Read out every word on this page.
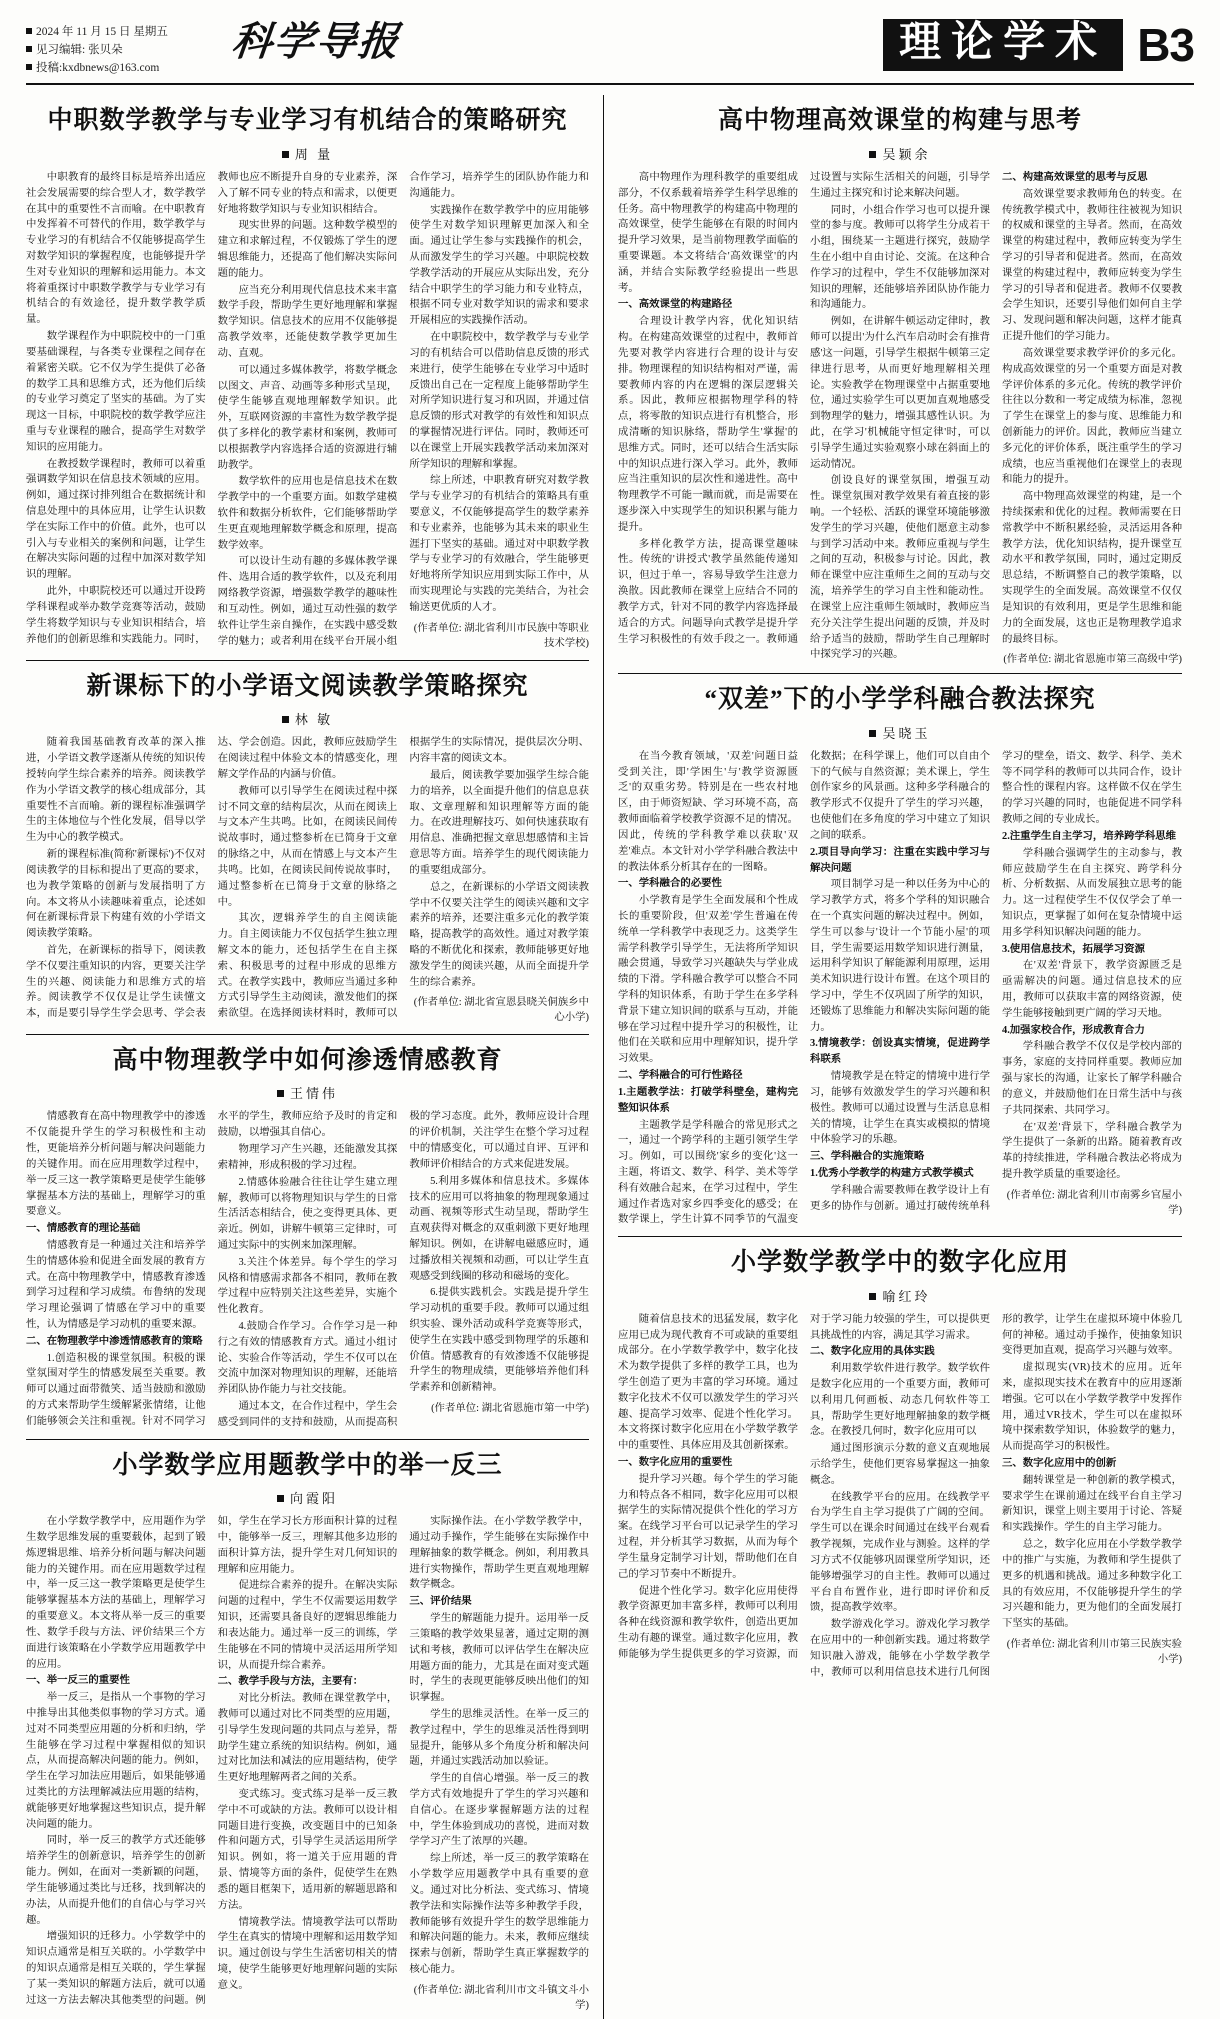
2024 年 11 月 15 日 星期五
见习编辑: 张贝朵
投稿:kxdbnews@163.com
科学导报	理论学术 B3
中职数学教学与专业学习有机结合的策略研究
周 量

中职教育的最终目标是培养出适应社会发展需要的综合型人才，数学教学在其中的重要性不言而喻。在中职教育中发挥着不可替代的作用，数学教学与专业学习的有机结合不仅能够提高学生对数学知识的掌握程度，也能够提升学生对专业知识的理解和运用能力。本文将着重探讨中职数学教学与专业学习有机结合的有效途径，提升数学教学质量。

数学课程作为中职院校中的一门重要基础课程，与各类专业课程之间存在着紧密关联。它不仅为学生提供了必备的数学工具和思维方式，还为他们后续的专业学习奠定了坚实的基础。为了实现这一目标，中职院校的数学教学应注重与专业课程的融合，提高学生对数学知识的应用能力。

在教授数学课程时，教师可以着重强调数学知识在信息技术领域的应用。例如，通过探讨排列组合在数据统计和信息处理中的具体应用，让学生认识数学在实际工作中的价值。此外，也可以引入与专业相关的案例和问题，让学生在解决实际问题的过程中加深对数学知识的理解。

此外，中职院校还可以通过开设跨学科课程或举办数学竞赛等活动，鼓励学生将数学知识与专业知识相结合，培养他们的创新思维和实践能力。同时，教师也应不断提升自身的专业素养，深入了解不同专业的特点和需求，以便更好地将数学知识与专业知识相结合。

现实世界的问题。这种数学模型的建立和求解过程，不仅锻炼了学生的逻辑思维能力，还提高了他们解决实际问题的能力。

应当充分利用现代信息技术来丰富数学手段，帮助学生更好地理解和掌握数学知识。信息技术的应用不仅能够提高教学效率，还能使数学教学更加生动、直观。

可以通过多媒体教学，将数学概念以图文、声音、动画等多种形式呈现，使学生能够直观地理解数学知识。此外，互联网资源的丰富性为数学教学提供了多样化的教学素材和案例，教师可以根据教学内容选择合适的资源进行辅助教学。

数学软件的应用也是信息技术在数学教学中的一个重要方面。如数学建模软件和数据分析软件，它们能够帮助学生更直观地理解数学概念和原理，提高数学效率。

可以设计生动有趣的多媒体教学课件、选用合适的教学软件，以及充利用网络教学资源，增强数学教学的趣味性和互动性。例如，通过互动性强的数学软件让学生亲自操作，在实践中感受数学的魅力；或者利用在线平台开展小组合作学习，培养学生的团队协作能力和沟通能力。

实践操作在数学教学中的应用能够使学生对数学知识理解更加深入和全面。通过让学生参与实践操作的机会，从而激发学生的学习兴趣。中职院校数学教学活动的开展应从实际出发，充分结合中职学生的学习能力和专业特点，根据不同专业对数学知识的需求和要求开展相应的实践操作活动。

在中职院校中，数学教学与专业学习的有机结合可以借助信息反馈的形式来进行，使学生能够在专业学习中适时反馈出自己在一定程度上能够帮助学生对所学知识进行复习和巩固，并通过信息反馈的形式对教学的有效性和知识点的掌握情况进行评估。同时，教师还可以在课堂上开展实践教学活动来加深对所学知识的理解和掌握。

综上所述，中职教育研究对数学教学与专业学习的有机结合的策略具有重要意义，不仅能够提高学生的数学素养和专业素养，也能够为其未来的职业生涯打下坚实的基础。通过对中职数学教学与专业学习的有效融合，学生能够更好地将所学知识应用到实际工作中，从而实现理论与实践的完美结合，为社会输送更优质的人才。

(作者单位: 湖北省利川市民族中等职业技术学校)

新课标下的小学语文阅读教学策略探究
林 敏

随着我国基础教育改革的深入推进，小学语文教学逐渐从传统的知识传授转向学生综合素养的培养。阅读教学作为小学语文教学的核心组成部分，其重要性不言而喻。新的课程标准强调学生的主体地位与个性化发展，倡导以学生为中心的教学模式。

新的课程标准(简称'新课标')不仅对阅读教学的目标和提出了更高的要求，也为教学策略的创新与发展指明了方向。本文将从小读趣味着重点，论述如何在新课标背景下构建有效的小学语文阅读教学策略。

首先，在新课标的指导下，阅读教学不仅要注重知识的内容，更要关注学生的兴趣、阅读能力和思维方式的培养。阅读教学不仅仅是让学生读懂文本，而是要引导学生学会思考、学会表达、学会创造。因此，教师应鼓励学生在阅读过程中体验文本的情感变化，理解文学作品的内涵与价值。

教师可以引导学生在阅读过程中探讨不同文章的结构层次，从而在阅读上与文本产生共鸣。比如，在阅读民间传说故事时，通过整参析在已简身于文章的脉络之中，从而在情感上与文本产生共鸣。比如，在阅读民间传说故事时，通过整参析在已简身于文章的脉络之中。

其次，逻辑养学生的自主阅读能力。自主阅读能力不仅包括学生独立理解文本的能力，还包括学生在自主探索、积极思考的过程中形成的思维方式。在教学实践中，教师应当通过多种方式引导学生主动阅读，激发他们的探索欲望。在选择阅读材料时，教师可以根据学生的实际情况，提供层次分明、内容丰富的阅读文本。

最后，阅读教学要加强学生综合能力的培养，以全面提升他们的信息息获取、文章理解和知识理解等方面的能力。在改进理解技巧、如何快速获取有用信息、准确把握文章思想感情和主旨意思等方面。培养学生的现代阅读能力的重要组成部分。

总之，在新课标的小学语文阅读教学中不仅要关注学生的阅读兴趣和文字素养的培养，还要注重多元化的教学策略，提高教学的高效性。通过对教学策略的不断优化和探索，教师能够更好地激发学生的阅读兴趣，从而全面提升学生的综合素养。

(作者单位: 湖北省宣恩县晓关侗族乡中心小学)

高中物理教学中如何渗透情感教育
王情伟

情感教育在高中物理教学中的渗透不仅能提升学生的学习积极性和主动性，更能培养分析问题与解决问题能力的关键作用。而在应用理数学过程中，举一反三这一教学策略更是使学生能够掌握基本方法的基础上，理解学习的重要意义。

一、情感教育的理论基础

情感教育是一种通过关注和培养学生的情感体验和促进全面发展的教育方式。在高中物理教学中，情感教育渗透到学习过程和学习成绩。布鲁纳的发现学习理论强调了情感在学习中的重要性，认为情感是学习动机的重要来源。

二、在物理教学中渗透情感教育的策略

1.创造积极的课堂氛围。积极的课堂氛围对学生的情感发展至关重要。教师可以通过面带微笑、适当鼓励和激励的方式来帮助学生缓解紧张情绪，让他们能够领会关注和重视。针对不同学习水平的学生，教师应给予及时的肯定和鼓励，以增强其自信心。

物理学习产生兴趣，还能激发其探索精神，形成积极的学习过程。

2.情感体验融合往往让学生建立理解，教师可以将物理知识与学生的日常生活活态相结合，使之变得更具体、更亲近。例如，讲解牛顿第三定律时，可通过实际中的实例来加深理解。

3.关注个体差异。每个学生的学习风格和情感需求都各不相同，教师在教学过程中应特别关注这些差异，实施个性化教育。

4.鼓励合作学习。合作学习是一种行之有效的情感教育方式。通过小组讨论、实验合作等活动，学生不仅可以在交流中加深对物理知识的理解，还能培养团队协作能力与社交技能。

通过本文，在合作过程中，学生会感受到同伴的支持和鼓励，从而提高积极的学习态度。此外，教师应设计合理的评价机制，关注学生在整个学习过程中的情感变化，可以通过自评、互评和教师评价相结合的方式来促进发展。

5.利用多媒体和信息技术。多媒体技术的应用可以将抽象的物理现象通过动画、视频等形式生动呈现，帮助学生直观获得对概念的双重刺激下更好地理解知识。例如，在讲解电磁感应时，通过播放相关视频和动画，可以让学生直观感受到线圈的移动和磁场的变化。

6.提供实践机会。实践是提升学生学习动机的重要手段。教师可以通过组织实验、课外活动或科学竞赛等形式，使学生在实践中感受到物理学的乐趣和价值。情感教育的有效渗透不仅能够提升学生的物理成绩，更能够培养他们科学素养和创新精神。

(作者单位: 湖北省恩施市第一中学)

小学数学应用题教学中的举一反三
向霞阳

在小学数学教学中，应用题作为学生数学思维发展的重要载体，起到了锻炼逻辑思维、培养分析问题与解决问题能力的关键作用。而在应用题数学过程中，举一反三这一教学策略更是使学生能够掌握基本方法的基础上，理解学习的重要意义。本文将从举一反三的重要性、数学手段与方法、评价结果三个方面进行该策略在小学数学应用题教学中的应用。

一、举一反三的重要性

举一反三，是指从一个事物的学习中推导出其他类似事物的学习方式。通过对不同类型应用题的分析和归纳，学生能够在学习过程中掌握相似的知识点，从而提高解决问题的能力。例如，学生在学习加法应用题后，如果能够通过类比的方法理解减法应用题的结构，就能够更好地掌握这些知识点，提升解决问题的能力。

同时，举一反三的教学方式还能够培养学生的创新意识，培养学生的创新能力。例如，在面对一类新颖的问题，学生能够通过类比与迁移，找到解决的办法，从而提升他们的自信心与学习兴趣。

增强知识的迁移力。小学数学中的知识点通常是相互关联的。小学数学中的知识点通常是相互关联的，学生掌握了某一类知识的解题方法后，就可以通过这一方法去解决其他类型的问题。例如，学生在学习长方形面积计算的过程中，能够举一反三，理解其他多边形的面积计算方法，提升学生对几何知识的理解和应用能力。

促进综合素养的提升。在解决实际问题的过程中，学生不仅需要运用数学知识，还需要具备良好的逻辑思维能力和表达能力。通过举一反三的训练，学生能够在不同的情境中灵活运用所学知识，从而提升综合素养。

二、教学手段与方法，主要有：

对比分析法。教师在课堂教学中，教师可以通过对比不同类型的应用题，引导学生发现问题的共同点与差异，帮助学生建立系统的知识结构。例如，通过对比加法和减法的应用题结构，使学生更好地理解两者之间的关系。

变式练习。变式练习是举一反三教学中不可或缺的方法。教师可以设计相同题目进行变换，改变题目中的已知条件和问题方式，引导学生灵活运用所学知识。例如，将一道关于应用题的背景、情境等方面的条件，促使学生在熟悉的题目框架下，适用新的解题思路和方法。

情境教学法。情境教学法可以帮助学生在真实的情境中理解和运用数学知识。通过创设与学生生活密切相关的情境，使学生能够更好地理解问题的实际意义。

实际操作法。在小学数学教学中，通过动手操作，学生能够在实际操作中理解抽象的数学概念。例如，利用教具进行实物操作，帮助学生更直观地理解数学概念。

三、评价结果

学生的解题能力提升。运用举一反三策略的教学效果显著，通过定期的测试和考核，教师可以评估学生在解决应用题方面的能力，尤其是在面对变式题时，学生的表现更能够反映出他们的知识掌握。

学生的思维灵活性。在举一反三的教学过程中，学生的思维灵活性得到明显提升，能够从多个角度分析和解决问题，并通过实践活动加以验证。

学生的自信心增强。举一反三的教学方式有效地提升了学生的学习兴趣和自信心。在逐步掌握解题方法的过程中，学生体验到成功的喜悦，进而对数学学习产生了浓厚的兴趣。

综上所述，举一反三的教学策略在小学数学应用题教学中具有重要的意义。通过对比分析法、变式练习、情境教学法和实际操作法等多种教学手段，教师能够有效提升学生的数学思维能力和解决问题的能力。未来，教师应继续探索与创新，帮助学生真正掌握数学的核心能力。

(作者单位: 湖北省利川市文斗镇文斗小学)

高中物理高效课堂的构建与思考
吴颖余

高中物理作为理科教学的重要组成部分，不仅系载着培养学生科学思维的任务。高中物理教学的构建高中物理的高效课堂，使学生能够在有限的时间内提升学习效果，是当前物理教学面临的重要课题。本文将结合'高效课堂'的内涵，并结合实际教学经验提出一些思考。

一、高效课堂的构建路径

合理设计教学内容，优化知识结构。在构建高效课堂的过程中，教师首先要对教学内容进行合理的设计与安排。物理课程的知识结构相对严谨，需要教师内容的内在逻辑的深层逻辑关系。因此，教师应根据物理学科的特点，将零散的知识点进行有机整合，形成清晰的知识脉络，帮助学生'掌握'的思维方式。同时，还可以结合生活实际中的知识点进行深入学习。此外，教师应当注重知识的层次性和递进性。高中物理教学不可能一蹴而就，而是需要在逐步深入中实现学生的知识积累与能力提升。

多样化教学方法，提高课堂趣味性。传统的'讲授式'教学虽然能传递知识，但过于单一，容易导致学生注意力涣散。因此教师在课堂上应结合不同的教学方式，针对不同的教学内容选择最适合的方式。问题导向式教学是提升学生学习积极性的有效手段之一。教师通过设置与实际生活相关的问题，引导学生通过主探究和讨论来解决问题。

同时，小组合作学习也可以提升课堂的参与度。教师可以将学生分成若干小组，围绕某一主题进行探究，鼓励学生在小组中自由讨论、交流。在这种合作学习的过程中，学生不仅能够加深对知识的理解，还能够培养团队协作能力和沟通能力。

例如，在讲解牛顿运动定律时，教师可以提出'为什么汽车启动时会有推背感'这一问题，引导学生根据牛顿第三定律进行思考，从而更好地理解相关理论。实验教学在物理课堂中占据重要地位，通过实验学生可以更加直观地感受到物理学的魅力，增强其感性认识。为此，在学习'机械能守恒定律'时，可以引导学生通过实验观察小球在斜面上的运动情况。

创设良好的课堂氛围，增强互动性。课堂氛围对教学效果有着直接的影响。一个轻松、活跃的课堂环境能够激发学生的学习兴趣，使他们愿意主动参与到学习活动中来。教师应重视与学生之间的互动，积极参与讨论。因此，教师在课堂中应注重师生之间的互动与交流，培养学生的学习自主性和能动性。在课堂上应注重师生领域时，教师应当充分关注学生提出问题的反馈，并及时给予适当的鼓励，帮助学生自己理解时中探究学习的兴趣。

二、构建高效课堂的思考与反思

高效课堂要求教师角色的转变。在传统教学模式中，教师往往被视为知识的权威和课堂的主导者。然而，在高效课堂的构建过程中，教师应转变为学生学习的引导者和促进者。然而，在高效课堂的构建过程中，教师应转变为学生学习的引导者和促进者。教师不仅要教会学生知识，还要引导他们如何自主学习、发现问题和解决问题，这样才能真正提升他们的学习能力。

高效课堂要求教学评价的多元化。构成高效课堂的另一个重要方面是对教学评价体系的多元化。传统的教学评价往往以分数和一考定成绩为标准，忽视了学生在课堂上的参与度、思维能力和创新能力的评价。因此，教师应当建立多元化的评价体系，既注重学生的学习成绩，也应当重视他们在课堂上的表现和能力的提升。

高中物理高效课堂的构建，是一个持续探索和优化的过程。教师需要在日常教学中不断积累经验，灵活运用各种教学方法，优化知识结构，提升课堂互动水平和教学氛围，同时，通过定期反思总结，不断调整自己的教学策略，以实现学生的全面发展。高效课堂不仅仅是知识的有效利用，更是学生思维和能力的全面发展，这也正是物理教学追求的最终目标。

(作者单位: 湖北省恩施市第三高级中学)

“双差”下的小学学科融合教法探究
吴晓玉

在当今教育领域，'双差'问题日益受到关注，即'学困生'与'教学资源匮乏'的双重劣势。特别是在一些农村地区，由于师资短缺、学习环境不高，高教师面临着学校教学资源不足的情况。因此，传统的学科教学难以获取'双差'难点。本文针对小学学科融合教法中的教法体系分析其存在的一图略。

一、学科融合的必要性

小学教育是学生全面发展和个性成长的重要阶段，但'双差'学生普遍在传统单一学科教学中表现乏力。这类学生需学科教学引导学生，无法将所学知识融会贯通，导致学习兴趣缺失与学业成绩的下滑。学科融合教学可以整合不同学科的知识体系，有助于学生在多学科背景下建立知识间的联系与互动，并能够在学习过程中提升学习的积极性，让他们在关联和应用中理解知识，提升学习效果。

二、学科融合的可行性路径

1.主题教学法：打破学科壁垒，建构完整知识体系

主题教学是学科融合的常见形式之一，通过一个跨学科的主题引领学生学习。例如，可以围绕'家乡的变化'这一主题，将语文、数学、科学、美术等学科有效融合起来，在学习过程中，学生通过作者选对家乡四季变化的感受；在数学课上，学生计算不同季节的气温变化数据；在科学课上，他们可以自由个下的气候与自然资源；美术课上，学生创作家乡的风景画。这种多学科融合的教学形式不仅提升了学生的学习兴趣，也使他们在多角度的学习中建立了知识之间的联系。

2.项目导向学习：注重在实践中学习与解决问题

项目制学习是一种以任务为中心的学习教学方式，将多个学科的知识融合在一个真实问题的解决过程中。例如，学生可以参与'设计一个节能小屋'的项目，学生需要运用数学知识进行测量，运用科学知识了解能源利用原理，运用美术知识进行设计布置。在这个项目的学习中，学生不仅巩固了所学的知识，还锻炼了思维能力和解决实际问题的能力。

3.情境教学：创设真实情境，促进跨学科联系

情境教学是在特定的情境中进行学习，能够有效激发学生的学习兴趣和积极性。教师可以通过设置与生活息息相关的情境，让学生在真实或模拟的情境中体验学习的乐趣。

三、学科融合的实施策略

1.优秀小学教学的构建方式教学模式

学科融合需要教师在教学设计上有更多的协作与创新。通过打破传统单科学习的壁垒，语文、数学、科学、美术等不同学科的教师可以共同合作，设计整合性的课程内容。这样做不仅在学生的学习兴趣的同时，也能促进不同学科教师之间的专业成长。

2.注重学生自主学习，培养跨学科思维

学科融合强调学生的主动参与，教师应鼓励学生在自主探究、跨学科分析、分析数据、从而发展独立思考的能力。这一过程使学生不仅仅学会了单一知识点，更掌握了如何在复杂情境中运用多学科知识解决问题的能力。

3.使用信息技术，拓展学习资源

在'双差'背景下，教学资源匮乏是亟需解决的问题。通过信息技术的应用，教师可以获取丰富的网络资源，使学生能够接触到更广阔的学习天地。

4.加强家校合作，形成教育合力

学科融合教学不仅仅是学校内部的事务，家庭的支持同样重要。教师应加强与家长的沟通，让家长了解学科融合的意义，并鼓励他们在日常生活中与孩子共同探索、共同学习。

在'双差'背景下，学科融合教学为学生提供了一条新的出路。随着教育改革的持续推进，学科融合教法必将成为提升教学质量的重要途径。

(作者单位: 湖北省利川市南雾乡官屋小学)

小学数学教学中的数字化应用
喻红玲

随着信息技术的迅猛发展，数字化应用已成为现代教育不可或缺的重要组成部分。在小学数学教学中，数字化技术为数学提供了多样的教学工具，也为学生创造了更为丰富的学习环境。通过数字化技术不仅可以激发学生的学习兴趣、提高学习效率、促进个性化学习。本文将探讨数字化应用在小学数学教学中的重要性、具体应用及其创新探索。

一、数字化应用的重要性

提升学习兴趣。每个学生的学习能力和特点各不相同，数字化应用可以根据学生的实际情况提供个性化的学习方案。在线学习平台可以记录学生的学习过程，并分析其学习数据，从而为每个学生量身定制学习计划，帮助他们在自己的学习节奏中不断提升。

促进个性化学习。数字化应用使得教学资源更加丰富多样，教师可以利用各种在线资源和教学软件，创造出更加生动有趣的课堂。通过数字化应用，教师能够为学生提供更多的学习资源，而对于学习能力较强的学生，可以提供更具挑战性的内容，满足其学习需求。

二、数字化应用的具体实践

利用数学软件进行教学。数学软件是数字化应用的一个重要方面，教师可以利用几何画板、动态几何软件等工具，帮助学生更好地理解抽象的数学概念。在教授几何时，数字化应用可以

通过图形演示分数的意义直观地展示给学生，使他们更容易掌握这一抽象概念。

在线教学平台的应用。在线教学平台为学生自主学习提供了广阔的空间。学生可以在课余时间通过在线平台观看教学视频，完成作业与测验。这样的学习方式不仅能够巩固课堂所学知识，还能够增强学习的自主性。教师可以通过平台自布置作业，进行即时评价和反馈，提高教学效率。

数学游戏化学习。游戏化学习教学在应用中的一种创新实践。通过将数学知识融入游戏，能够在小学数学教学中，教师可以利用信息技术进行几何图形的教学，让学生在虚拟环境中体验几何的神秘。通过动手操作，使抽象知识变得更加直观，提高学习兴趣与效率。

虚拟现实(VR)技术的应用。近年来，虚拟现实技术在教育中的应用逐渐增强。它可以在小学数学教学中发挥作用，通过VR技术，学生可以在虚拟环境中探索数学知识，体验数学的魅力，从而提高学习的积极性。

三、数字化应用中的创新

翻转课堂是一种创新的教学模式，要求学生在课前通过在线平台自主学习新知识，课堂上则主要用于讨论、答疑和实践操作。学生的自主学习能力。

总之，数字化应用在小学数学教学中的推广与实施，为教师和学生提供了更多的机遇和挑战。通过多种数字化工具的有效应用，不仅能够提升学生的学习兴趣和能力，更为他们的全面发展打下坚实的基础。

(作者单位: 湖北省利川市第三民族实验小学)
